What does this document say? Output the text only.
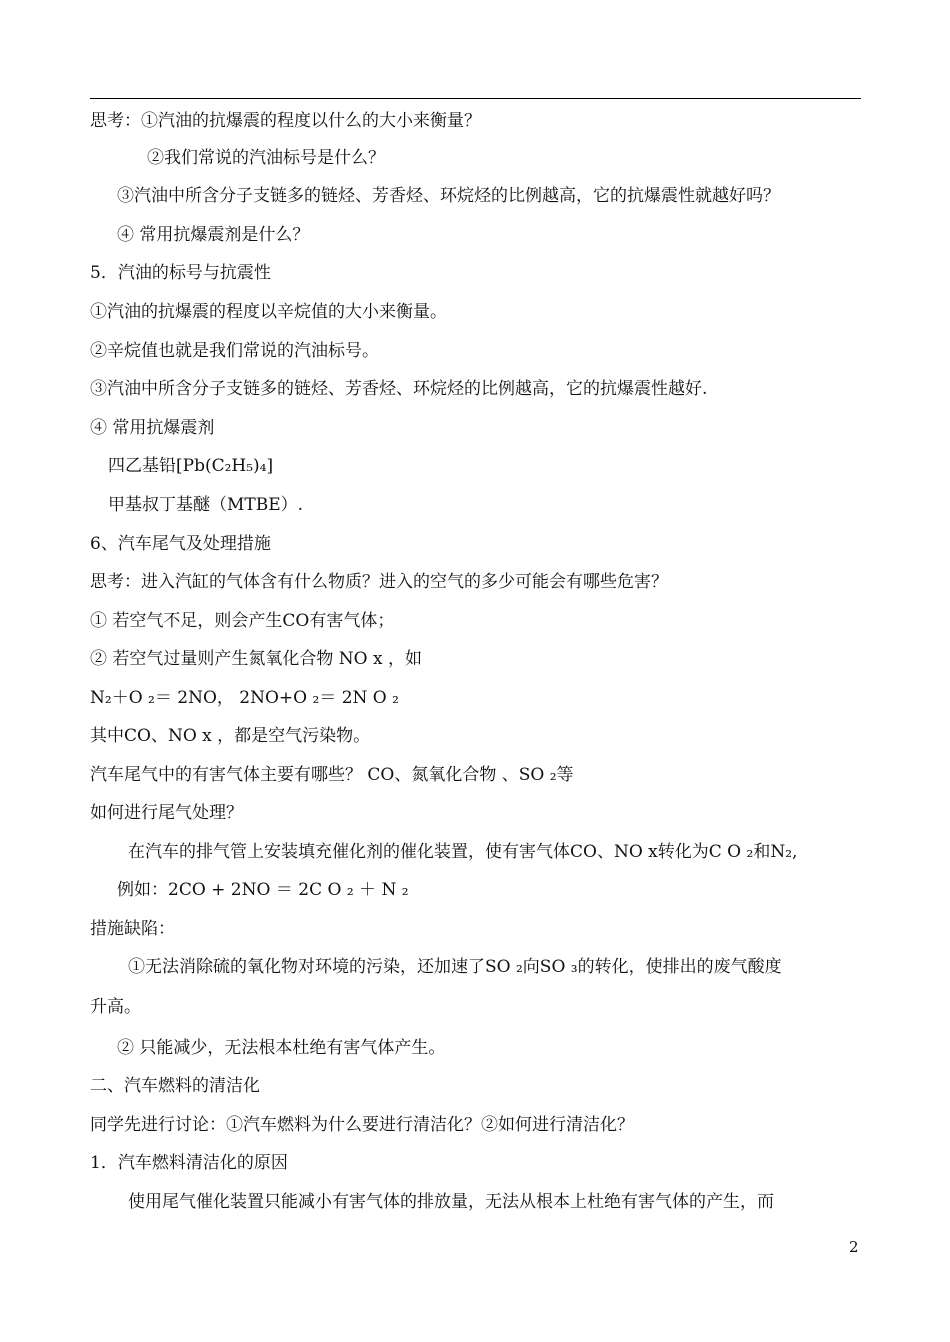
思考：①汽油的抗爆震的程度以什么的大小来衡量？
②我们常说的汽油标号是什么？
③汽油中所含分子支链多的链烃、芳香烃、环烷烃的比例越高，它的抗爆震性就越好吗？
④ 常用抗爆震剂是什么？
5．汽油的标号与抗震性
①汽油的抗爆震的程度以辛烷值的大小来衡量。
②辛烷值也就是我们常说的汽油标号。
③汽油中所含分子支链多的链烃、芳香烃、环烷烃的比例越高，它的抗爆震性越好.
④ 常用抗爆震剂
四乙基铅[Pb(C₂H₅)₄]
甲基叔丁基醚（MTBE）.
6、汽车尾气及处理措施
思考：进入汽缸的气体含有什么物质？进入的空气的多少可能会有哪些危害？
① 若空气不足，则会产生CO有害气体；
② 若空气过量则产生氮氧化合物 NO x ，如
N₂＋O ₂＝ 2NO， 2NO+O ₂＝ 2N O ₂
其中CO、NO x ，都是空气污染物。
汽车尾气中的有害气体主要有哪些？ CO、氮氧化合物 、SO ₂等
如何进行尾气处理？
在汽车的排气管上安装填充催化剂的催化装置，使有害气体CO、NO x转化为C O ₂和N₂,
例如：2CO + 2NO ＝ 2C O ₂ ＋ N ₂
措施缺陷：
①无法消除硫的氧化物对环境的污染，还加速了SO ₂向SO ₃的转化，使排出的废气酸度
升高。
② 只能减少，无法根本杜绝有害气体产生。
二、汽车燃料的清洁化
同学先进行讨论：①汽车燃料为什么要进行清洁化？②如何进行清洁化？
1．汽车燃料清洁化的原因
使用尾气催化装置只能减小有害气体的排放量，无法从根本上杜绝有害气体的产生，而
2
